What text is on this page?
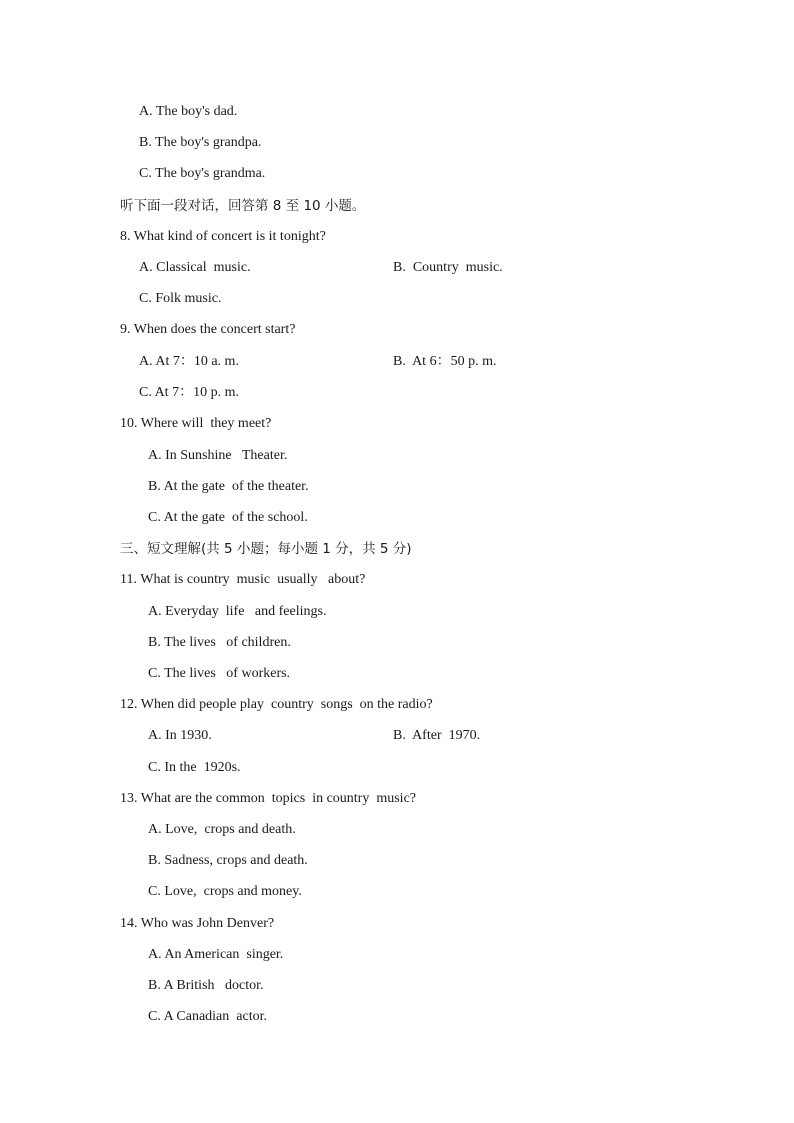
A. The boy's dad.
B. The boy's grandpa.
C. The boy's grandma.
听下面一段对话，回答第 8 至 10 小题。
8. What kind of concert is it tonight?
A. Classical  music.	B.  Country  music.
C. Folk music.
9. When does the concert start?
A. At 7：10 a. m.	B.  At 6：50 p. m.
C. At 7：10 p. m.
10. Where will  they meet?
A. In Sunshine   Theater.
B. At the gate  of the theater.
C. At the gate  of the school.
三、短文理解(共 5 小题；每小题 1 分，共 5 分)
11. What is country  music  usually   about?
A. Everyday  life   and feelings.
B. The lives   of children.
C. The lives   of workers.
12. When did people play  country  songs  on the radio?
A. In 1930.	B.  After  1970.
C. In the  1920s.
13. What are the common  topics  in country  music?
A. Love,  crops and death.
B. Sadness, crops and death.
C. Love,  crops and money.
14. Who was John Denver?
A. An American  singer.
B. A British   doctor.
C. A Canadian  actor.
